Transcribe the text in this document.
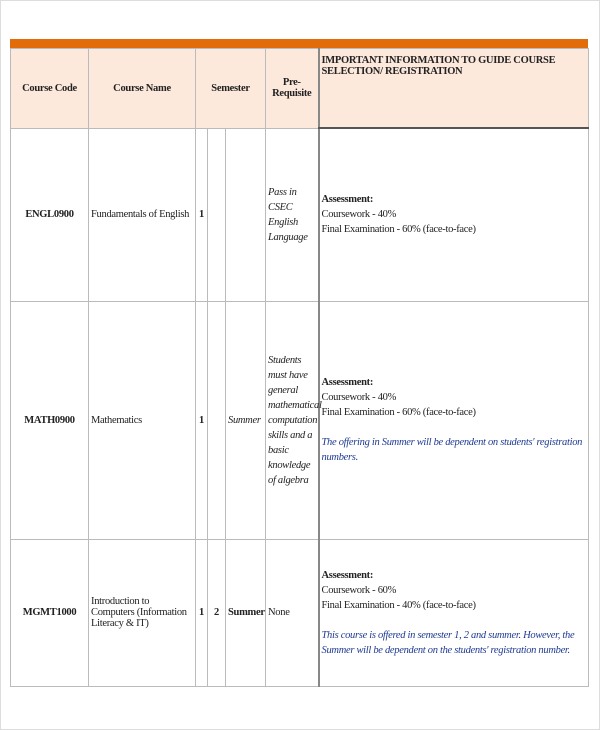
Course Code	Course Name	Semester			Pre-Requisite	IMPORTANT INFORMATION TO GUIDE COURSE SELECTION/ REGISTRATION
ENGL0900	Fundamentals of English	1			Pass in CSEC English Language	Assessment:
Coursework - 40%
Final Examination - 60% (face-to-face)

MATH0900	Mathematics	1		Summer	Students must have general mathematical computation skills and a basic knowledge of algebra	Assessment:
Coursework - 40%
Final Examination - 60% (face-to-face)

The offering in Summer will be dependent on students' registration numbers.

MGMT1000	Introduction to Computers (Information Literacy & IT)	1	2	Summer	None	Assessment:
Coursework - 60%
Final Examination - 40% (face-to-face)

This course is offered in semester 1, 2 and summer. However, the Summer will be dependent on the students' registration number.
